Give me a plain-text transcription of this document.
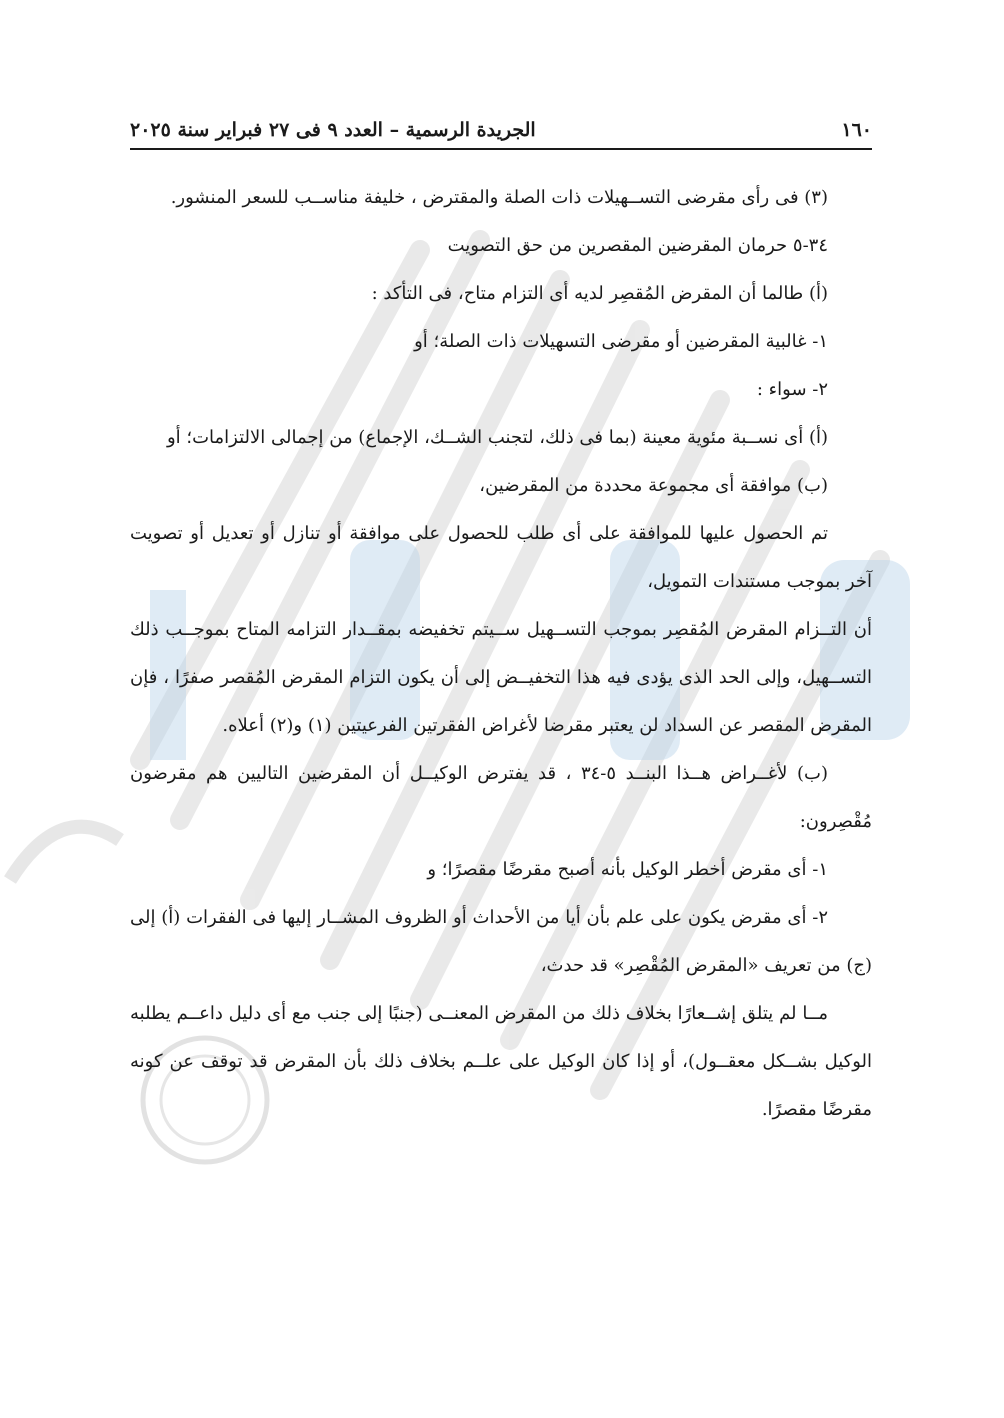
١٦٠
الجريدة الرسمية – العدد ٩ فى ٢٧ فبراير سنة ٢٠٢٥

(٣) فى رأى مقرضى التســهيلات ذات الصلة والمقترض ، خليفة مناســب للسعر المنشور.

٣٤-٥ حرمان المقرضين المقصرين من حق التصويت

(أ) طالما أن المقرض المُقصِر لديه أى التزام متاح، فى التأكد :

١- غالبية المقرضين أو مقرضى التسهيلات ذات الصلة؛ أو

٢- سواء :

(أ) أى نســبة مئوية معينة (بما فى ذلك، لتجنب الشــك، الإجماع) من إجمالى الالتزامات؛ أو

(ب) موافقة أى مجموعة محددة من المقرضين،

تم الحصول عليها للموافقة على أى طلب للحصول على موافقة أو تنازل أو تعديل أو تصويت آخر بموجب مستندات التمويل،

أن التــزام المقرض المُقصِر بموجب التســهيل ســيتم تخفيضه بمقــدار التزامه المتاح بموجــب ذلك التســهيل، وإلى الحد الذى يؤدى فيه هذا التخفيــض إلى أن يكون التزام المقرض المُقصر صفرًا ، فإن المقرض المقصر عن السداد لن يعتبر مقرضا لأغراض الفقرتين الفرعيتين (١) و(٢) أعلاه.

(ب) لأغــراض هــذا البنــد ٥-٣٤ ، قد يفترض الوكيــل أن المقرضين التاليين هم مقرضون مُقْصِرون:

١- أى مقرض أخطر الوكيل بأنه أصبح مقرضًا مقصرًا؛ و

٢- أى مقرض يكون على علم بأن أيا من الأحداث أو الظروف المشــار إليها فى الفقرات (أ) إلى (ج) من تعريف «المقرض المُقْصِر» قد حدث،

مــا لم يتلق إشــعارًا بخلاف ذلك من المقرض المعنــى (جنبًا إلى جنب مع أى دليل داعــم يطلبه الوكيل بشــكل معقــول)، أو إذا كان الوكيل على علــم بخلاف ذلك بأن المقرض قد توقف عن كونه مقرضًا مقصرًا.
